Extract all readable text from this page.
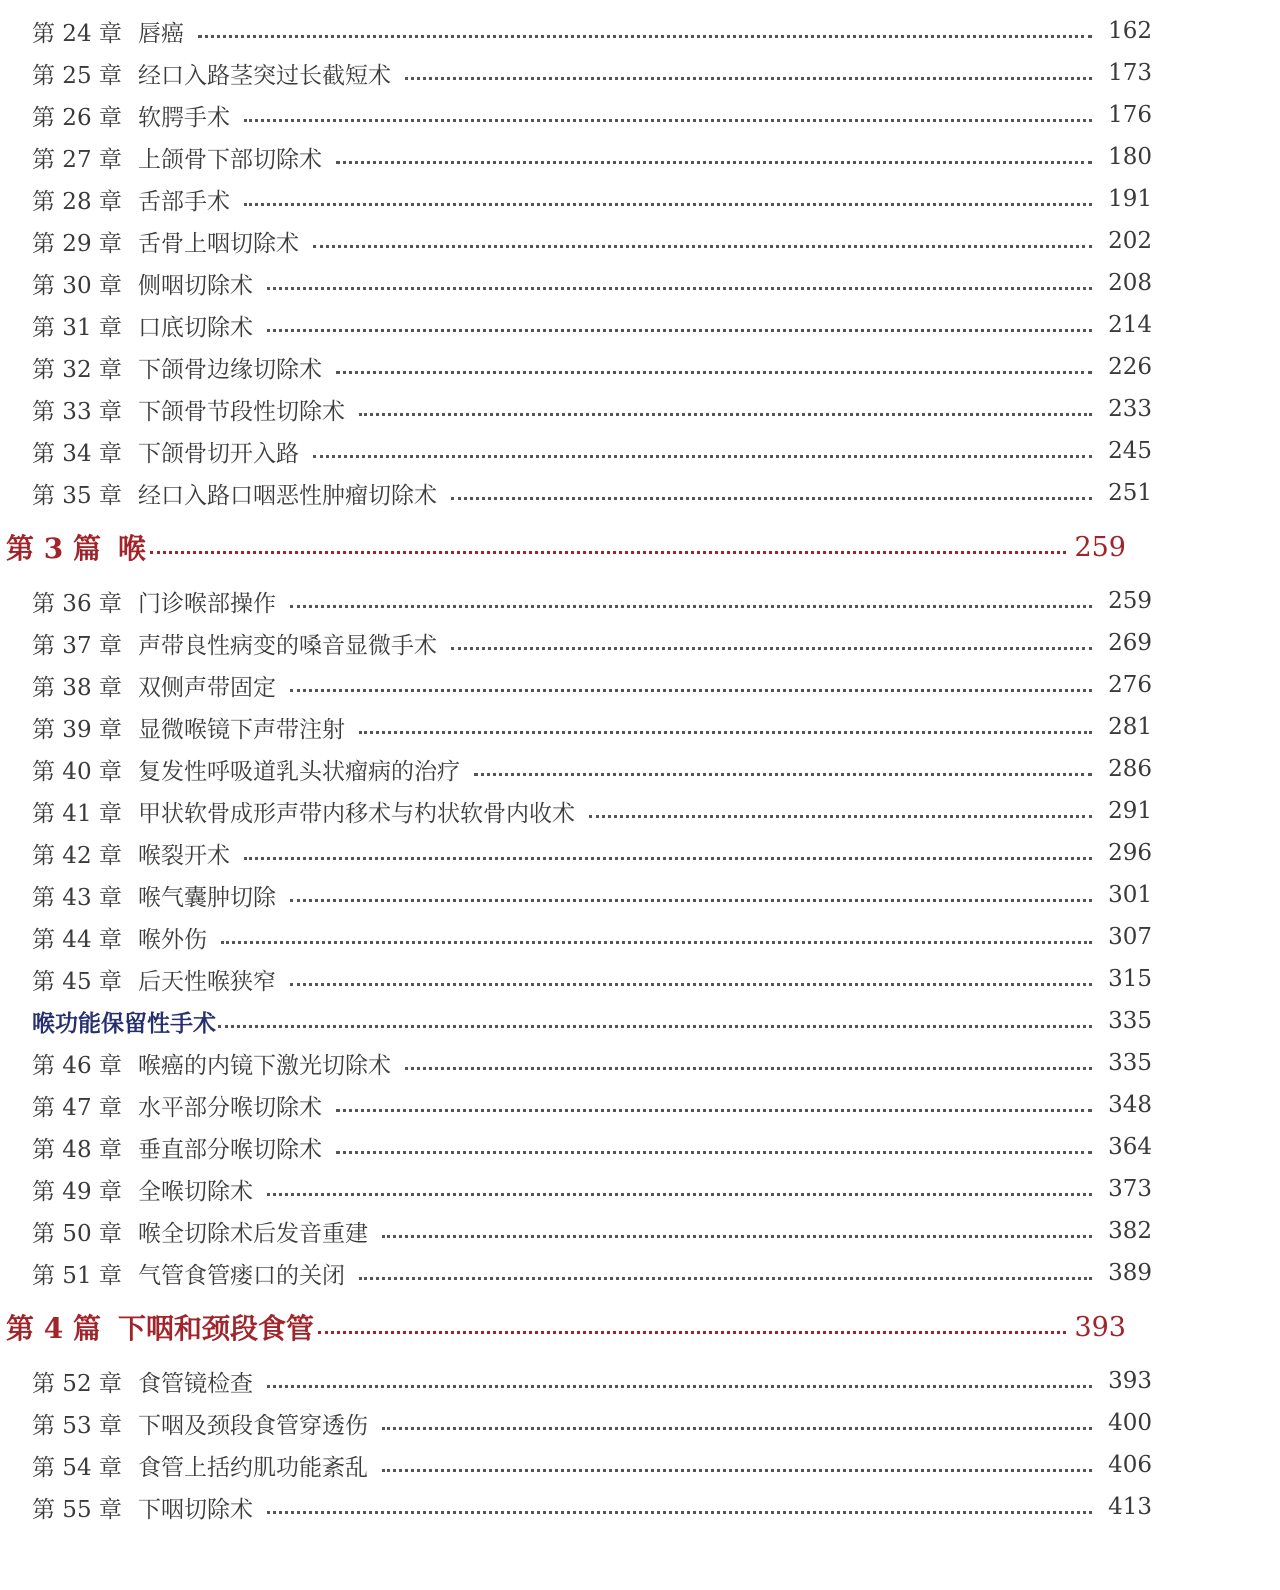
第 24 章 唇癌	162
第 25 章 经口入路茎突过长截短术	173
第 26 章 软腭手术	176
第 27 章 上颌骨下部切除术	180
第 28 章 舌部手术	191
第 29 章 舌骨上咽切除术	202
第 30 章 侧咽切除术	208
第 31 章 口底切除术	214
第 32 章 下颌骨边缘切除术	226
第 33 章 下颌骨节段性切除术	233
第 34 章 下颌骨切开入路	245
第 35 章 经口入路口咽恶性肿瘤切除术	251
第 3 篇 喉	259
第 36 章 门诊喉部操作	259
第 37 章 声带良性病变的嗓音显微手术	269
第 38 章 双侧声带固定	276
第 39 章 显微喉镜下声带注射	281
第 40 章 复发性呼吸道乳头状瘤病的治疗	286
第 41 章 甲状软骨成形声带内移术与杓状软骨内收术	291
第 42 章 喉裂开术	296
第 43 章 喉气囊肿切除	301
第 44 章 喉外伤	307
第 45 章 后天性喉狭窄	315
喉功能保留性手术	335
第 46 章 喉癌的内镜下激光切除术	335
第 47 章 水平部分喉切除术	348
第 48 章 垂直部分喉切除术	364
第 49 章 全喉切除术	373
第 50 章 喉全切除术后发音重建	382
第 51 章 气管食管瘘口的关闭	389
第 4 篇 下咽和颈段食管	393
第 52 章 食管镜检查	393
第 53 章 下咽及颈段食管穿透伤	400
第 54 章 食管上括约肌功能紊乱	406
第 55 章 下咽切除术	413
